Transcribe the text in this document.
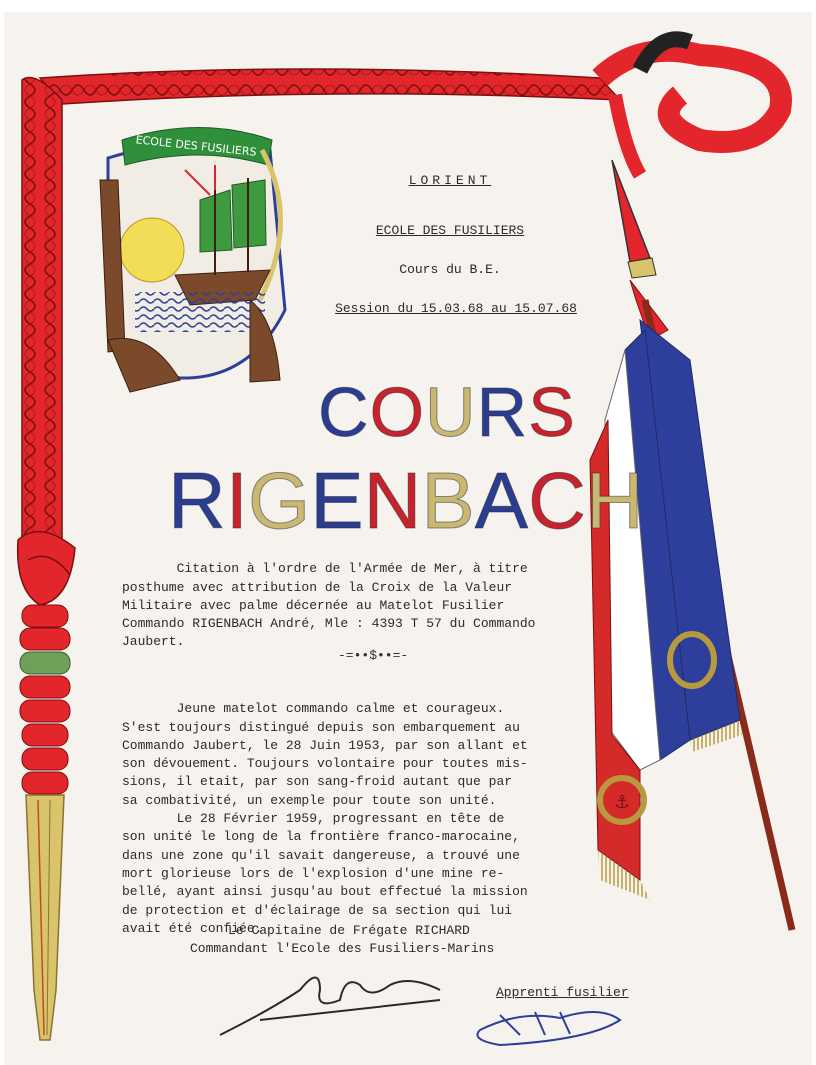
⚓
ECOLE DES FUSILIERS
LORIENT
ECOLE DES FUSILIERS
Cours du B.E.
Session du 15.03.68 au 15.07.68
COURS
RIGENBACH

Citation à l'ordre de l'Armée de Mer, à titre
posthume avec attribution de la Croix de la Valeur
Militaire avec palme décernée au Matelot Fusilier
Commando RIGENBACH André, Mle : 4393 T 57 du Commando
Jaubert.
-=••$••=-

Jeune matelot commando calme et courageux.
S'est toujours distingué depuis son embarquement au
Commando Jaubert, le 28 Juin 1953, par son allant et
son dévouement. Toujours volontaire pour toutes mis-
sions, il etait, par son sang-froid autant que par
sa combativité, un exemple pour toute son unité.
Le 28 Février 1959, progressant en tête de
son unité le long de la frontière franco-marocaine,
dans une zone qu'il savait dangereuse, a trouvé une
mort glorieuse lors de l'explosion d'une mine re-
bellé, ayant ainsi jusqu'au bout effectué la mission
de protection et d'éclairage de sa section qui lui
avait été confiée.
Le Capitaine de Frégate RICHARD
Commandant l'Ecole des Fusiliers-Marins
Apprenti fusilier
